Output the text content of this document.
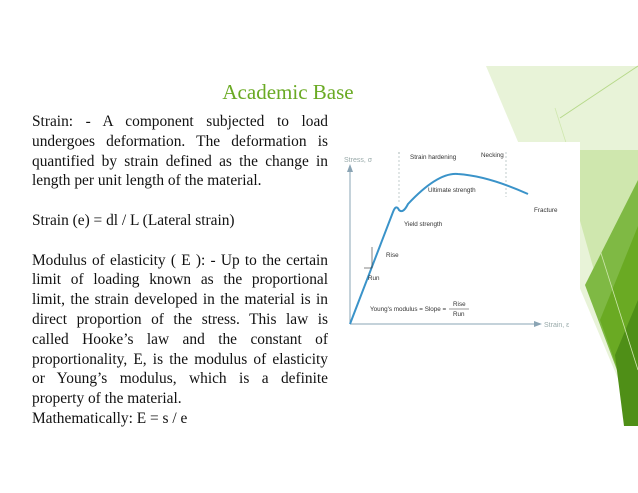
Academic Base

Strain: - A component subjected to load undergoes deformation. The deformation is quantified by strain defined as the change in length per unit length of the material.

Strain (e) = dl / L (Lateral strain)

Modulus of elasticity ( E ): - Up to the certain limit of loading known as the proportional limit, the strain developed in the material is in direct proportion of the stress. This law is called Hooke’s law and the constant of proportionality, E, is the modulus of elasticity or Young’s modulus, which is a definite property of the material.

Mathematically: E = s / e

Stress, σ
Strain, ε
Strain hardening	Necking
Ultimate strength
Yield strength
Fracture
Rise
Run
Young's modulus = Slope =
Rise
Run
